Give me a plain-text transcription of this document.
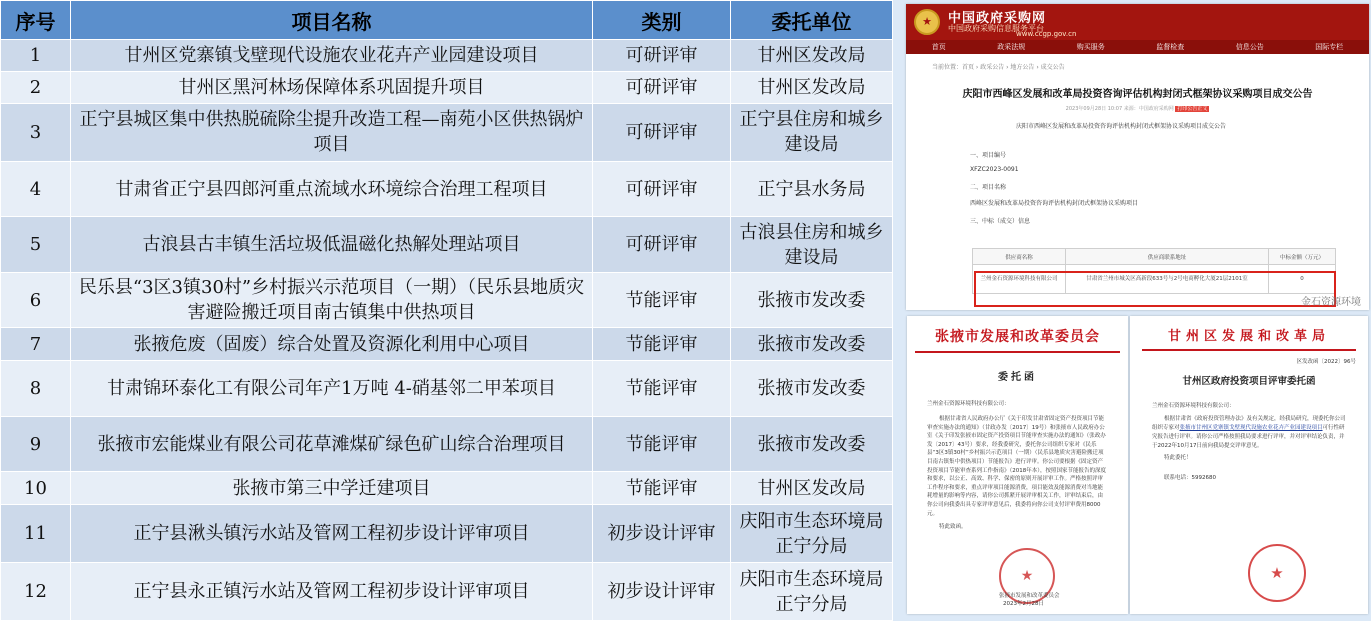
序号	项目名称	类别	委托单位
1	甘州区党寨镇戈壁现代设施农业花卉产业园建设项目	可研评审	甘州区发改局
2	甘州区黑河林场保障体系巩固提升项目	可研评审	甘州区发改局
3	正宁县城区集中供热脱硫除尘提升改造工程—南苑小区供热锅炉项目	可研评审	正宁县住房和城乡建设局
4	甘肃省正宁县四郎河重点流域水环境综合治理工程项目	可研评审	正宁县水务局
5	古浪县古丰镇生活垃圾低温磁化热解处理站项目	可研评审	古浪县住房和城乡建设局
6	民乐县“3区3镇30村”乡村振兴示范项目（一期）（民乐县地质灾害避险搬迁项目南古镇集中供热项目	节能评审	张掖市发改委
7	张掖危废（固废）综合处置及资源化利用中心项目	节能评审	张掖市发改委
8	甘肃锦环泰化工有限公司年产1万吨 4-硝基邻二甲苯项目	节能评审	张掖市发改委
9	张掖市宏能煤业有限公司花草滩煤矿绿色矿山综合治理项目	节能评审	张掖市发改委
10	张掖市第三中学迁建项目	节能评审	甘州区发改局
11	正宁县湫头镇污水站及管网工程初步设计评审项目	初步设计评审	庆阳市生态环境局正宁分局
12	正宁县永正镇污水站及管网工程初步设计评审项目	初步设计评审	庆阳市生态环境局正宁分局
★	中国政府采购网
中国政府采购信息服务平台
www.ccgp.gov.cn
首页	政采法规	购买服务	监督检查	信息公告	国际专栏
当前位置：首页 › 政采公告 › 地方公告 › 成交公告
庆阳市西峰区发展和改革局投资咨询评估机构封闭式框架协议采购项目成交公告
2023年09月28日 10:07 来源：中国政府采购网 打印公告正文
庆阳市西峰区发展和改革局投资咨询评估机构封闭式框架协议采购项目成交公告
一、项目编号
XFZC2023-0091
二、项目名称
西峰区发展和改革局投资咨询评估机构封闭式框架协议采购项目
三、中标（成交）信息
供应商名称	供应商联系地址	中标金额（万元）
兰州金石资源环境科技有限公司	甘肃省兰州市城关区高新段633号与2号电商孵化大厦21层2101室	0
金石资源环境
张掖市发展和改革委员会
委托函
兰州金石资源环境科技有限公司：
根据甘肃省人民政府办公厅《关于印发甘肃省固定资产投资项目节能审查实施办法的通知》（甘政办发〔2017〕19号）和张掖市人民政府办公室《关于印发张掖市固定资产投资项目节能审查实施办法的通知》（张政办发〔2017〕43号）要求，经我委研究，委托你公司组织专家对《民乐县“3区3镇30村”乡村振兴示范项目（一期）（民乐县地质灾害避险搬迁项目南古镇集中供热项目）节能报告》进行评审。你公司要根据《固定资产投资项目节能审查系列工作指南》（2018年本），按照国家节能报告的深度和要求，以公正、高效、科学、保密的原则开展评审工作。严格按照评审工作程序和要求，重点评审项目能源消费，项目能效及能源消费对当地能耗增量的影响等内容，请你公司抓紧开展评审相关工作，评审结束后，由你公司向我委出具专家评审意见后，我委将向你公司支付评审费用8000元。
特此致函。
★
张掖市发展和改革委员会
2023年2月28日
甘州区发展和改革局
区发改函〔2022〕96号
甘州区政府投资项目评审委托函
兰州金石资源环境科技有限公司：
根据甘肃省《政府投资管理办法》及有关规定，经我局研究，现委托你公司组织专家对张掖市甘州区党寨镇戈壁现代设施农业花卉产业园建设项目可行性研究报告进行评审。请你公司严格按照我局要求进行评审，并对评审结论负责，并于2022年10月17日前向我局提交评审意见。
特此委托！
联系电话：5992680
★
